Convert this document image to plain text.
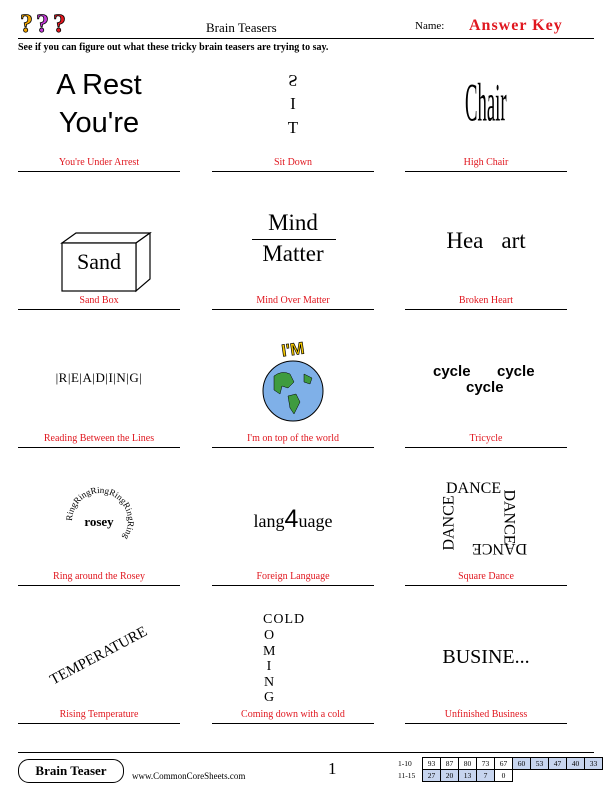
? ? ?	Brain Teasers	Name: Answer Key
See if you can figure out what these tricky brain teasers are trying to say.
A Rest
You're
You're Under Arrest
S
I
T
Sit Down
Chair
High Chair
Sand
Sand Box
Mind
Matter
Mind Over Matter
Hea art
Broken Heart
|R|E|A|D|I|N|G|
Reading Between the Lines
I'M
I'm on top of the world
cycle cycle
cycle
Tricycle
RingRingRingRingRingRing
rosey
Ring around the Rosey
lang4uage
Foreign Language
DANCE
DANCE
DANCE
DANCE
Square Dance
TEMPERATURE
Rising Temperature
COLD
O
M
I
N
G
Coming down with a cold
BUSINE...
Unfinished Business
Brain Teaser	www.CommonCoreSheets.com	1	1-10	93	87	80	73	67	60	53	47	40	33
11-15	27	20	13	7	0					
